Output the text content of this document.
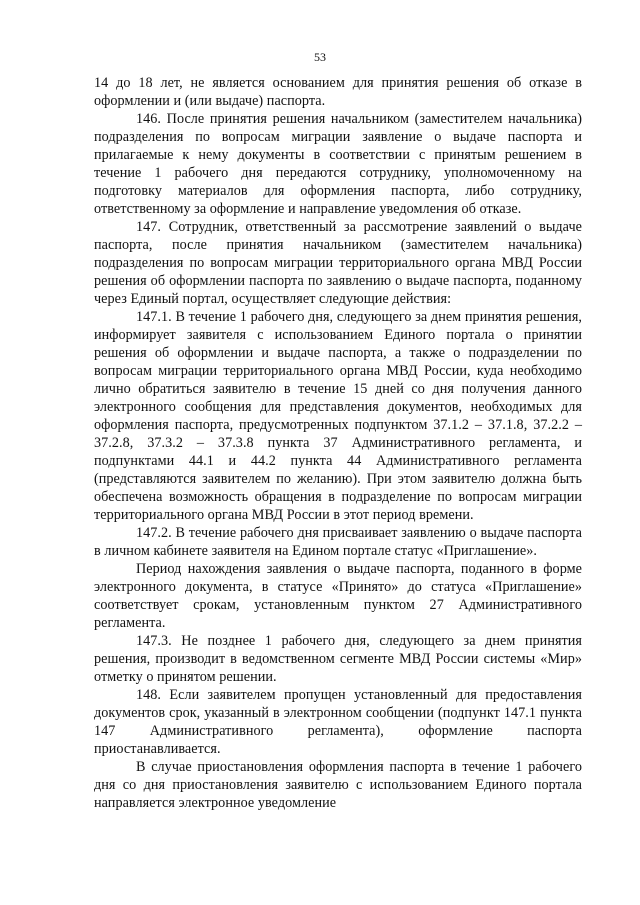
53

14 до 18 лет, не является основанием для принятия решения об отказе в оформлении и (или выдаче) паспорта.

146. После принятия решения начальником (заместителем начальника) подразделения по вопросам миграции заявление о выдаче паспорта и прилагаемые к нему документы в соответствии с принятым решением в течение 1 рабочего дня передаются сотруднику, уполномоченному на подготовку материалов для оформления паспорта, либо сотруднику, ответственному за оформление и направление уведомления об отказе.

147. Сотрудник, ответственный за рассмотрение заявлений о выдаче паспорта, после принятия начальником (заместителем начальника) подразделения по вопросам миграции территориального органа МВД России решения об оформлении паспорта по заявлению о выдаче паспорта, поданному через Единый портал, осуществляет следующие действия:

147.1. В течение 1 рабочего дня, следующего за днем принятия решения, информирует заявителя с использованием Единого портала о принятии решения об оформлении и выдаче паспорта, а также о подразделении по вопросам миграции территориального органа МВД России, куда необходимо лично обратиться заявителю в течение 15 дней со дня получения данного электронного сообщения для представления документов, необходимых для оформления паспорта, предусмотренных подпунктом 37.1.2 – 37.1.8, 37.2.2 – 37.2.8, 37.3.2 – 37.3.8 пункта 37 Административного регламента, и подпунктами 44.1 и 44.2 пункта 44 Административного регламента (представляются заявителем по желанию). При этом заявителю должна быть обеспечена возможность обращения в подразделение по вопросам миграции территориального органа МВД России в этот период времени.

147.2. В течение рабочего дня присваивает заявлению о выдаче паспорта в личном кабинете заявителя на Едином портале статус «Приглашение».

Период нахождения заявления о выдаче паспорта, поданного в форме электронного документа, в статусе «Принято» до статуса «Приглашение» соответствует срокам, установленным пунктом 27 Административного регламента.

147.3. Не позднее 1 рабочего дня, следующего за днем принятия решения, производит в ведомственном сегменте МВД России системы «Мир» отметку о принятом решении.

148. Если заявителем пропущен установленный для предоставления документов срок, указанный в электронном сообщении (подпункт 147.1 пункта 147 Административного регламента), оформление паспорта приостанавливается.

В случае приостановления оформления паспорта в течение 1 рабочего дня со дня приостановления заявителю с использованием Единого портала направляется электронное уведомление
